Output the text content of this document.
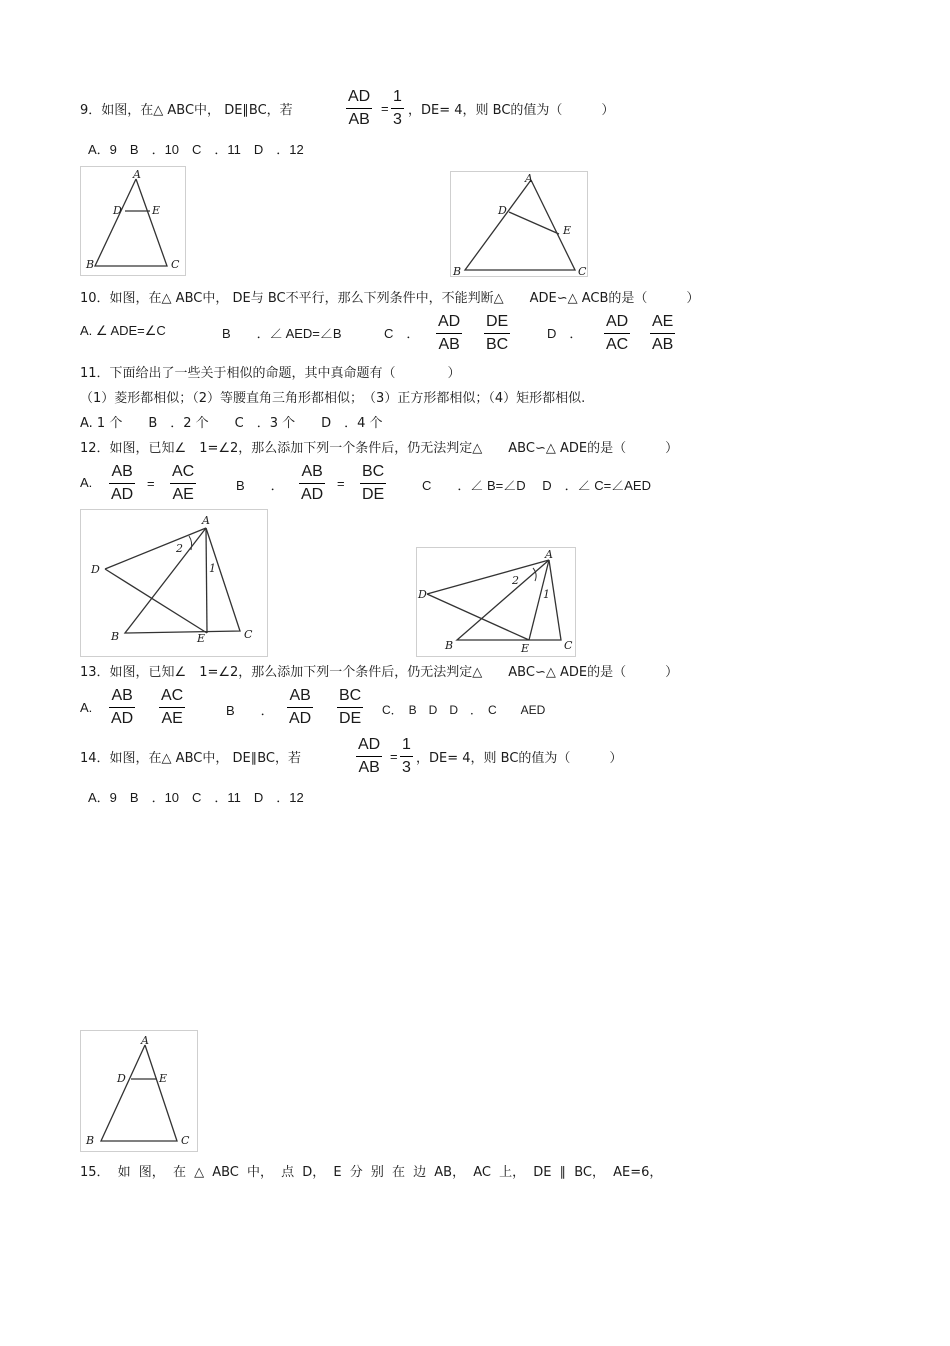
9．如图，在△ ABC中， DE∥BC，若	$\frac{AD}{AB} = \frac{1}{3}$ ，DE= 4，则 BC的值为（　　　）
A．9　B　．10　C　．11　D　．12
A
D	E
B	C
A
D
E
B	C
10．如图，在△ ABC中， DE与 BC不平行，那么下列条件中，不能判断△　　ADE∽△ ACB的是（　　　）
A. ∠ ADE=∠C	B　　．∠ AED=∠B	C　． $\frac{AD}{AB} \frac{DE}{BC}$	D　． $\frac{AD}{AC} \frac{AE}{AB}$
11．下面给出了一些关于相似的命题，其中真命题有（　　　　）
（1）菱形都相似；（2）等腰直角三角形都相似；　（3）正方形都相似；（4）矩形都相似.
A. 1 个　　B　．2 个　　C　．3 个　　D　．4 个
12．如图，已知∠　1=∠2，那么添加下列一个条件后，仍无法判定△　　ABC∽△ ADE的是（　　　）
A. $\frac{AB}{AD} = \frac{AC}{AE}$	B　　． $\frac{AB}{AD} = \frac{BC}{DE}$	C　　．∠ B=∠D　 D　．∠ C=∠AED
A
D
B	E	C
2
1
A
D
B	E	C
2
1
13．如图，已知∠　1=∠2，那么添加下列一个条件后，仍无法判定△　　ABC∽△ ADE的是（　　　）
A. $\frac{AB}{AD} \frac{AC}{AE}$	B　　． $\frac{AB}{AD} \frac{BC}{DE}$ C．　B　D　D　．　C　　AED
14．如图，在△ ABC中， DE∥BC，若	$\frac{AD}{AB} = \frac{1}{3}$ ，DE= 4，则 BC的值为（　　　）
A．9　B　．10　C　．11　D　．12
A
D	E
B	C
15． 如 图， 在 △ ABC 中， 点 D， E 分 别 在 边 AB， AC 上， DE ∥ BC， AE=6，
